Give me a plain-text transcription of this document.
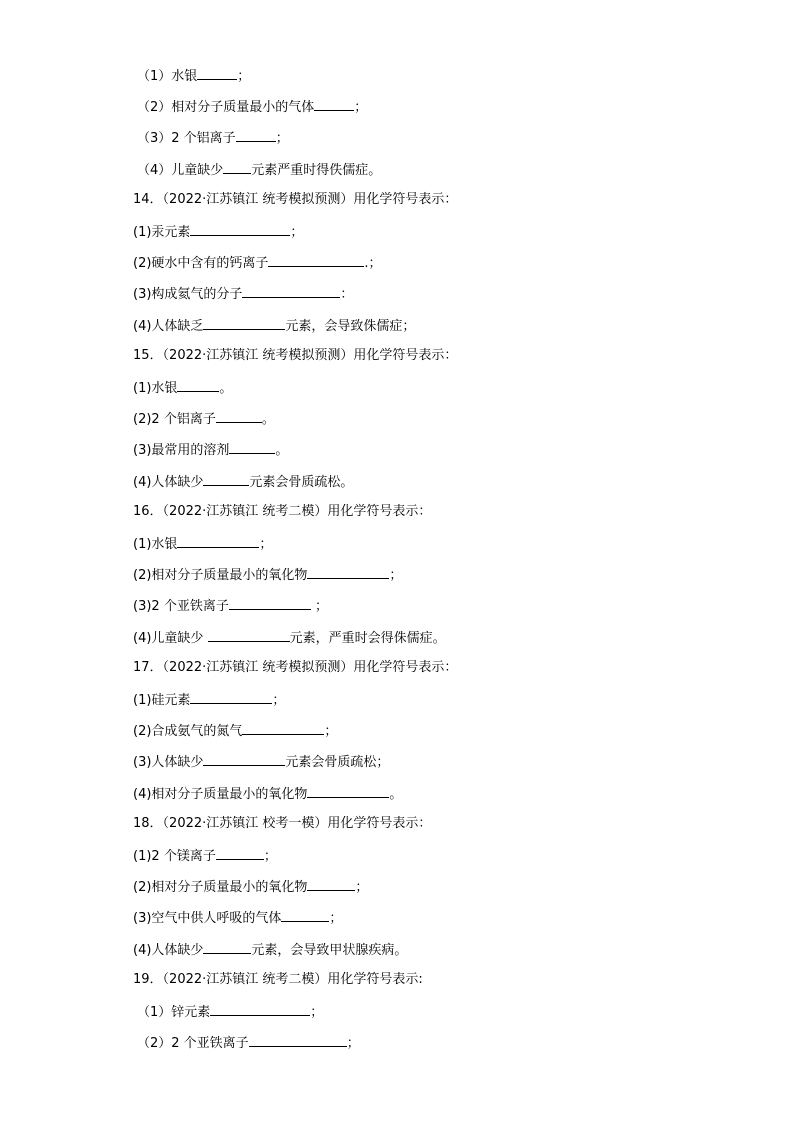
（1）水银	；
（2）相对分子质量最小的气体	；
（3）2 个铝离子	；
（4）儿童缺少 元素严重时得佚儒症。
14．（2022·江苏镇江 统考模拟预测）用化学符号表示：
(1)汞元素	；
(2)硬水中含有的钙离子	.；
(3)构成氦气的分子	：
(4)人体缺乏	元素，会导致侏儒症；
15．（2022·江苏镇江 统考模拟预测）用化学符号表示：
(1)水银	。
(2)2 个铝离子	。
(3)最常用的溶剂	。
(4)人体缺少	元素会骨质疏松。
16．（2022·江苏镇江 统考二模）用化学符号表示：
(1)水银	；
(2)相对分子质量最小的氧化物	；
(3)2 个亚铁离子	；
(4)儿童缺少	元素，严重时会得侏儒症。
17．（2022·江苏镇江 统考模拟预测）用化学符号表示：
(1)硅元素	；
(2)合成氨气的氮气	；
(3)人体缺少	元素会骨质疏松；
(4)相对分子质量最小的氧化物	。
18．（2022·江苏镇江 校考一模）用化学符号表示：
(1)2 个镁离子	；
(2)相对分子质量最小的氧化物	；
(3)空气中供人呼吸的气体	；
(4)人体缺少	元素，会导致甲状腺疾病。
19．（2022·江苏镇江 统考二模）用化学符号表示:
（1）锌元素	；
（2）2 个亚铁离子	；
